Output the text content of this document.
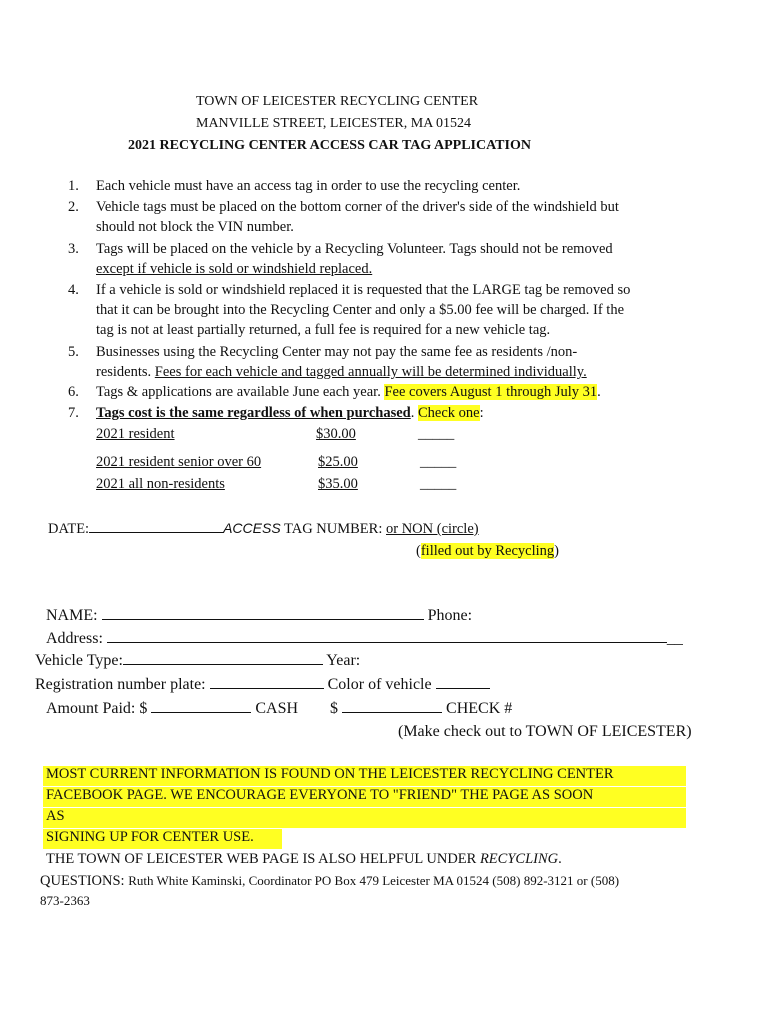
TOWN OF LEICESTER RECYCLING CENTER
MANVILLE STREET, LEICESTER, MA 01524
2021 RECYCLING CENTER ACCESS CAR TAG APPLICATION
1. Each vehicle must have an access tag in order to use the recycling center.
2. Vehicle tags must be placed on the bottom corner of the driver's side of the windshield but
should not block the VIN number.
3. Tags will be placed on the vehicle by a Recycling Volunteer. Tags should not be removed
except if vehicle is sold or windshield replaced.
4. If a vehicle is sold or windshield replaced it is requested that the LARGE tag be removed so
that it can be brought into the Recycling Center and only a $5.00 fee will be charged. If the
tag is not at least partially returned, a full fee is required for a new vehicle tag.
5. Businesses using the Recycling Center may not pay the same fee as residents /non-
residents. Fees for each vehicle and tagged annually will be determined individually.
6. Tags & applications are available June each year. Fee covers August 1 through July 31.
7. Tags cost is the same regardless of when purchased. Check one:
2021 resident	$30.00	_____
2021 resident senior over 60	$25.00	_____
2021 all non-residents	$35.00	_____
DATE:	ACCESS TAG NUMBER: or NON (circle)
(filled out by Recycling)
NAME:	Phone:
Address:	__
Vehicle Type:	Year:
Registration number plate:	Color of vehicle
Amount Paid: $	CASH $	CHECK #
(Make check out to TOWN OF LEICESTER)
MOST CURRENT INFORMATION IS FOUND ON THE LEICESTER RECYCLING CENTER
FACEBOOK PAGE. WE ENCOURAGE EVERYONE TO "FRIEND" THE PAGE AS SOON
AS
SIGNING UP FOR CENTER USE.
THE TOWN OF LEICESTER WEB PAGE IS ALSO HELPFUL UNDER RECYCLING.
QUESTIONS: Ruth White Kaminski, Coordinator PO Box 479 Leicester MA 01524 (508) 892-3121 or (508)
873-2363
